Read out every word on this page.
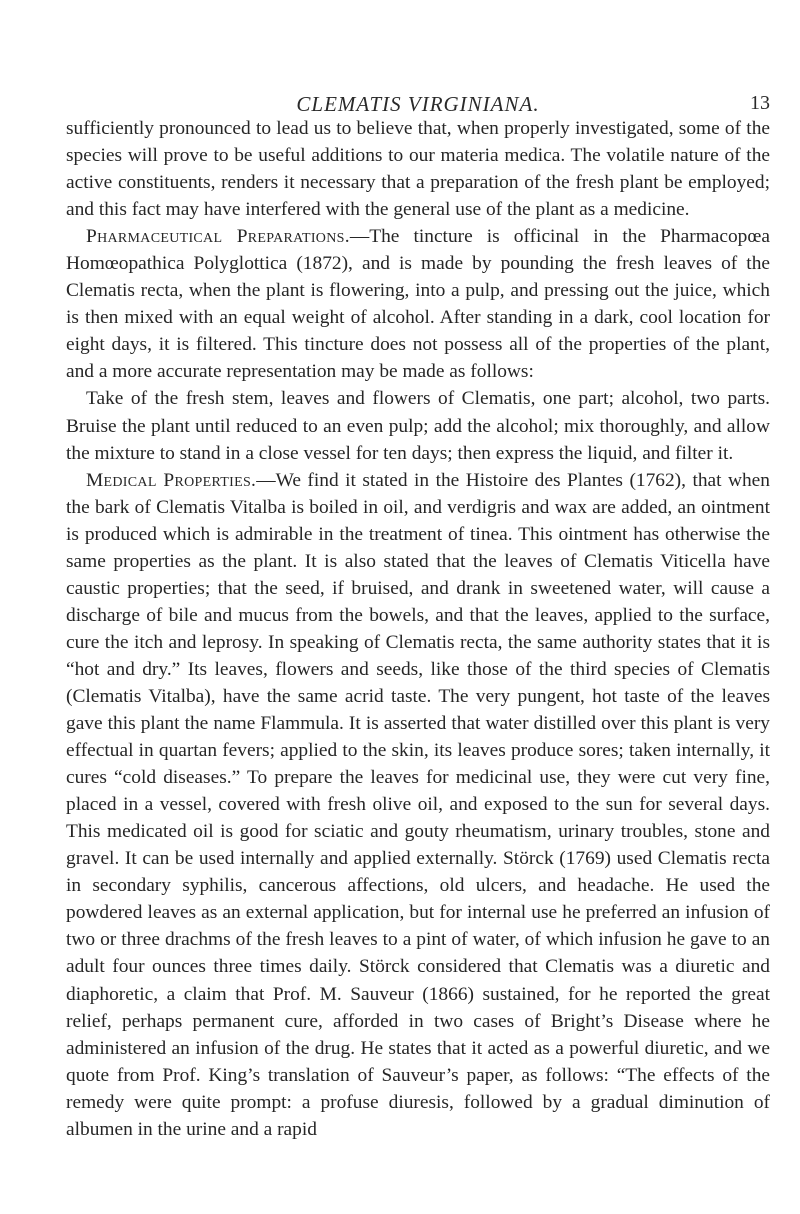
CLEMATIS VIRGINIANA.	13

sufficiently pronounced to lead us to believe that, when properly investigated, some of the species will prove to be useful additions to our materia medica. The volatile nature of the active constituents, renders it necessary that a preparation of the fresh plant be employed; and this fact may have interfered with the general use of the plant as a medicine.

Pharmaceutical Preparations.—The tincture is officinal in the Pharmacopœa Homœopathica Polyglottica (1872), and is made by pounding the fresh leaves of the Clematis recta, when the plant is flowering, into a pulp, and pressing out the juice, which is then mixed with an equal weight of alcohol. After standing in a dark, cool location for eight days, it is filtered. This tincture does not possess all of the properties of the plant, and a more accurate representation may be made as follows:

Take of the fresh stem, leaves and flowers of Clematis, one part; alcohol, two parts. Bruise the plant until reduced to an even pulp; add the alcohol; mix thoroughly, and allow the mixture to stand in a close vessel for ten days; then express the liquid, and filter it.

Medical Properties.—We find it stated in the Histoire des Plantes (1762), that when the bark of Clematis Vitalba is boiled in oil, and verdigris and wax are added, an ointment is produced which is admirable in the treatment of tinea. This ointment has otherwise the same properties as the plant. It is also stated that the leaves of Clematis Viticella have caustic properties; that the seed, if bruised, and drank in sweetened water, will cause a discharge of bile and mucus from the bowels, and that the leaves, applied to the surface, cure the itch and leprosy. In speaking of Clematis recta, the same authority states that it is “hot and dry.” Its leaves, flowers and seeds, like those of the third species of Clematis (Clematis Vitalba), have the same acrid taste. The very pungent, hot taste of the leaves gave this plant the name Flammula. It is asserted that water distilled over this plant is very effectual in quartan fevers; applied to the skin, its leaves produce sores; taken internally, it cures “cold diseases.” To prepare the leaves for medicinal use, they were cut very fine, placed in a vessel, covered with fresh olive oil, and exposed to the sun for several days. This medicated oil is good for sciatic and gouty rheumatism, urinary troubles, stone and gravel. It can be used internally and applied externally. Störck (1769) used Clematis recta in secondary syphilis, cancerous affections, old ulcers, and headache. He used the powdered leaves as an external application, but for internal use he preferred an infusion of two or three drachms of the fresh leaves to a pint of water, of which infusion he gave to an adult four ounces three times daily. Störck considered that Clematis was a diuretic and diaphoretic, a claim that Prof. M. Sauveur (1866) sustained, for he reported the great relief, perhaps permanent cure, afforded in two cases of Bright’s Disease where he administered an infusion of the drug. He states that it acted as a powerful diuretic, and we quote from Prof. King’s translation of Sauveur’s paper, as follows: “The effects of the remedy were quite prompt: a profuse diuresis, followed by a gradual diminution of albumen in the urine and a rapid
